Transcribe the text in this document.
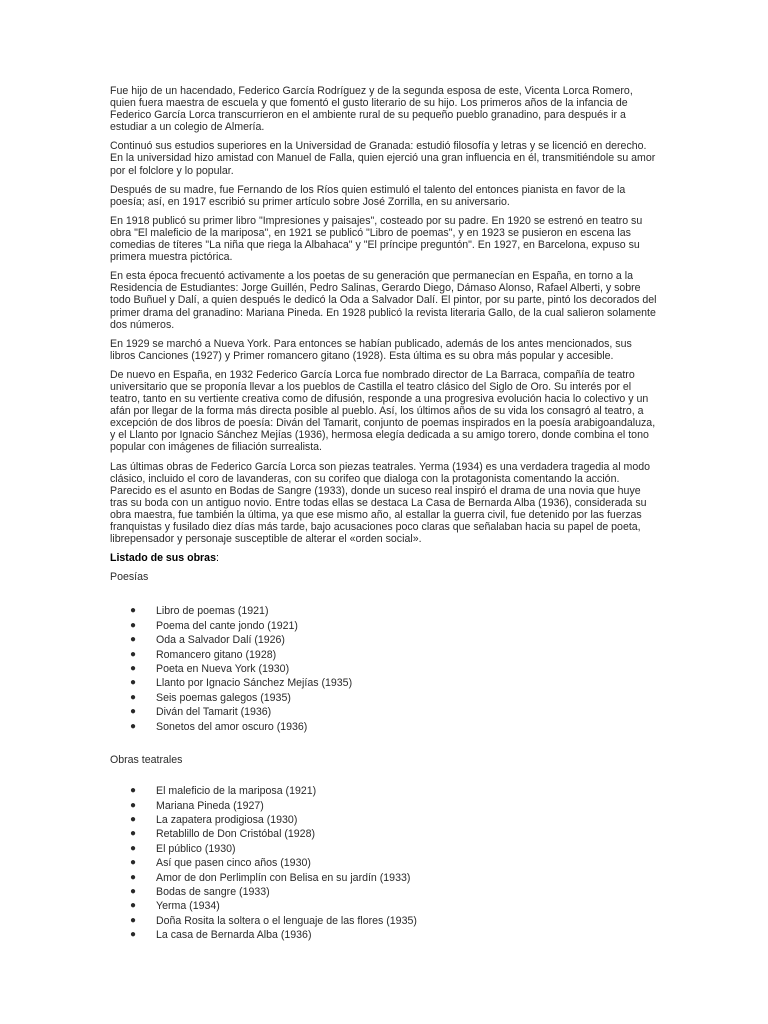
Fue hijo de un hacendado, Federico García Rodríguez y de la segunda esposa de este, Vicenta Lorca Romero, quien fuera maestra de escuela y que fomentó el gusto literario de su hijo. Los primeros años de la infancia de Federico García Lorca transcurrieron en el ambiente rural de su pequeño pueblo granadino, para después ir a estudiar a un colegio de Almería.

Continuó sus estudios superiores en la Universidad de Granada: estudió filosofía y letras y se licenció en derecho. En la universidad hizo amistad con Manuel de Falla, quien ejerció una gran influencia en él, transmitiéndole su amor por el folclore y lo popular.

Después de su madre, fue Fernando de los Ríos quien estimuló el talento del entonces pianista en favor de la poesía; así, en 1917 escribió su primer artículo sobre José Zorrilla, en su aniversario.

En 1918 publicó su primer libro "Impresiones y paisajes", costeado por su padre. En 1920 se estrenó en teatro su obra "El maleficio de la mariposa", en 1921 se publicó "Libro de poemas", y en 1923 se pusieron en escena las comedias de títeres "La niña que riega la Albahaca" y "El príncipe preguntón". En 1927, en Barcelona, expuso su primera muestra pictórica.

En esta época frecuentó activamente a los poetas de su generación que permanecían en España, en torno a la Residencia de Estudiantes: Jorge Guillén, Pedro Salinas, Gerardo Diego, Dámaso Alonso, Rafael Alberti, y sobre todo Buñuel y Dalí, a quien después le dedicó la Oda a Salvador Dalí. El pintor, por su parte, pintó los decorados del primer drama del granadino: Mariana Pineda. En 1928 publicó la revista literaria Gallo, de la cual salieron solamente dos números.

En 1929 se marchó a Nueva York. Para entonces se habían publicado, además de los antes mencionados, sus libros Canciones (1927) y Primer romancero gitano (1928). Esta última es su obra más popular y accesible.

De nuevo en España, en 1932 Federico García Lorca fue nombrado director de La Barraca, compañía de teatro universitario que se proponía llevar a los pueblos de Castilla el teatro clásico del Siglo de Oro. Su interés por el teatro, tanto en su vertiente creativa como de difusión, responde a una progresiva evolución hacia lo colectivo y un afán por llegar de la forma más directa posible al pueblo. Así, los últimos años de su vida los consagró al teatro, a excepción de dos libros de poesía: Diván del Tamarit, conjunto de poemas inspirados en la poesía arabigoandaluza, y el Llanto por Ignacio Sánchez Mejías (1936), hermosa elegía dedicada a su amigo torero, donde combina el tono popular con imágenes de filiación surrealista.

Las últimas obras de Federico García Lorca son piezas teatrales. Yerma (1934) es una verdadera tragedia al modo clásico, incluido el coro de lavanderas, con su corifeo que dialoga con la protagonista comentando la acción. Parecido es el asunto en Bodas de Sangre (1933), donde un suceso real inspiró el drama de una novia que huye tras su boda con un antiguo novio. Entre todas ellas se destaca La Casa de Bernarda Alba (1936), considerada su obra maestra, fue también la última, ya que ese mismo año, al estallar la guerra civil, fue detenido por las fuerzas franquistas y fusilado diez días más tarde, bajo acusaciones poco claras que señalaban hacia su papel de poeta, librepensador y personaje susceptible de alterar el «orden social».

Listado de sus obras:

Poesías

● Libro de poemas (1921)
● Poema del cante jondo (1921)
● Oda a Salvador Dalí (1926)
● Romancero gitano (1928)
● Poeta en Nueva York (1930)
● Llanto por Ignacio Sánchez Mejías (1935)
● Seis poemas galegos (1935)
● Diván del Tamarit (1936)
● Sonetos del amor oscuro (1936)

Obras teatrales

● El maleficio de la mariposa (1921)
● Mariana Pineda (1927)
● La zapatera prodigiosa (1930)
● Retablillo de Don Cristóbal (1928)
● El público (1930)
● Así que pasen cinco años (1930)
● Amor de don Perlimplín con Belisa en su jardín (1933)
● Bodas de sangre (1933)
● Yerma (1934)
● Doña Rosita la soltera o el lenguaje de las flores (1935)
● La casa de Bernarda Alba (1936)
